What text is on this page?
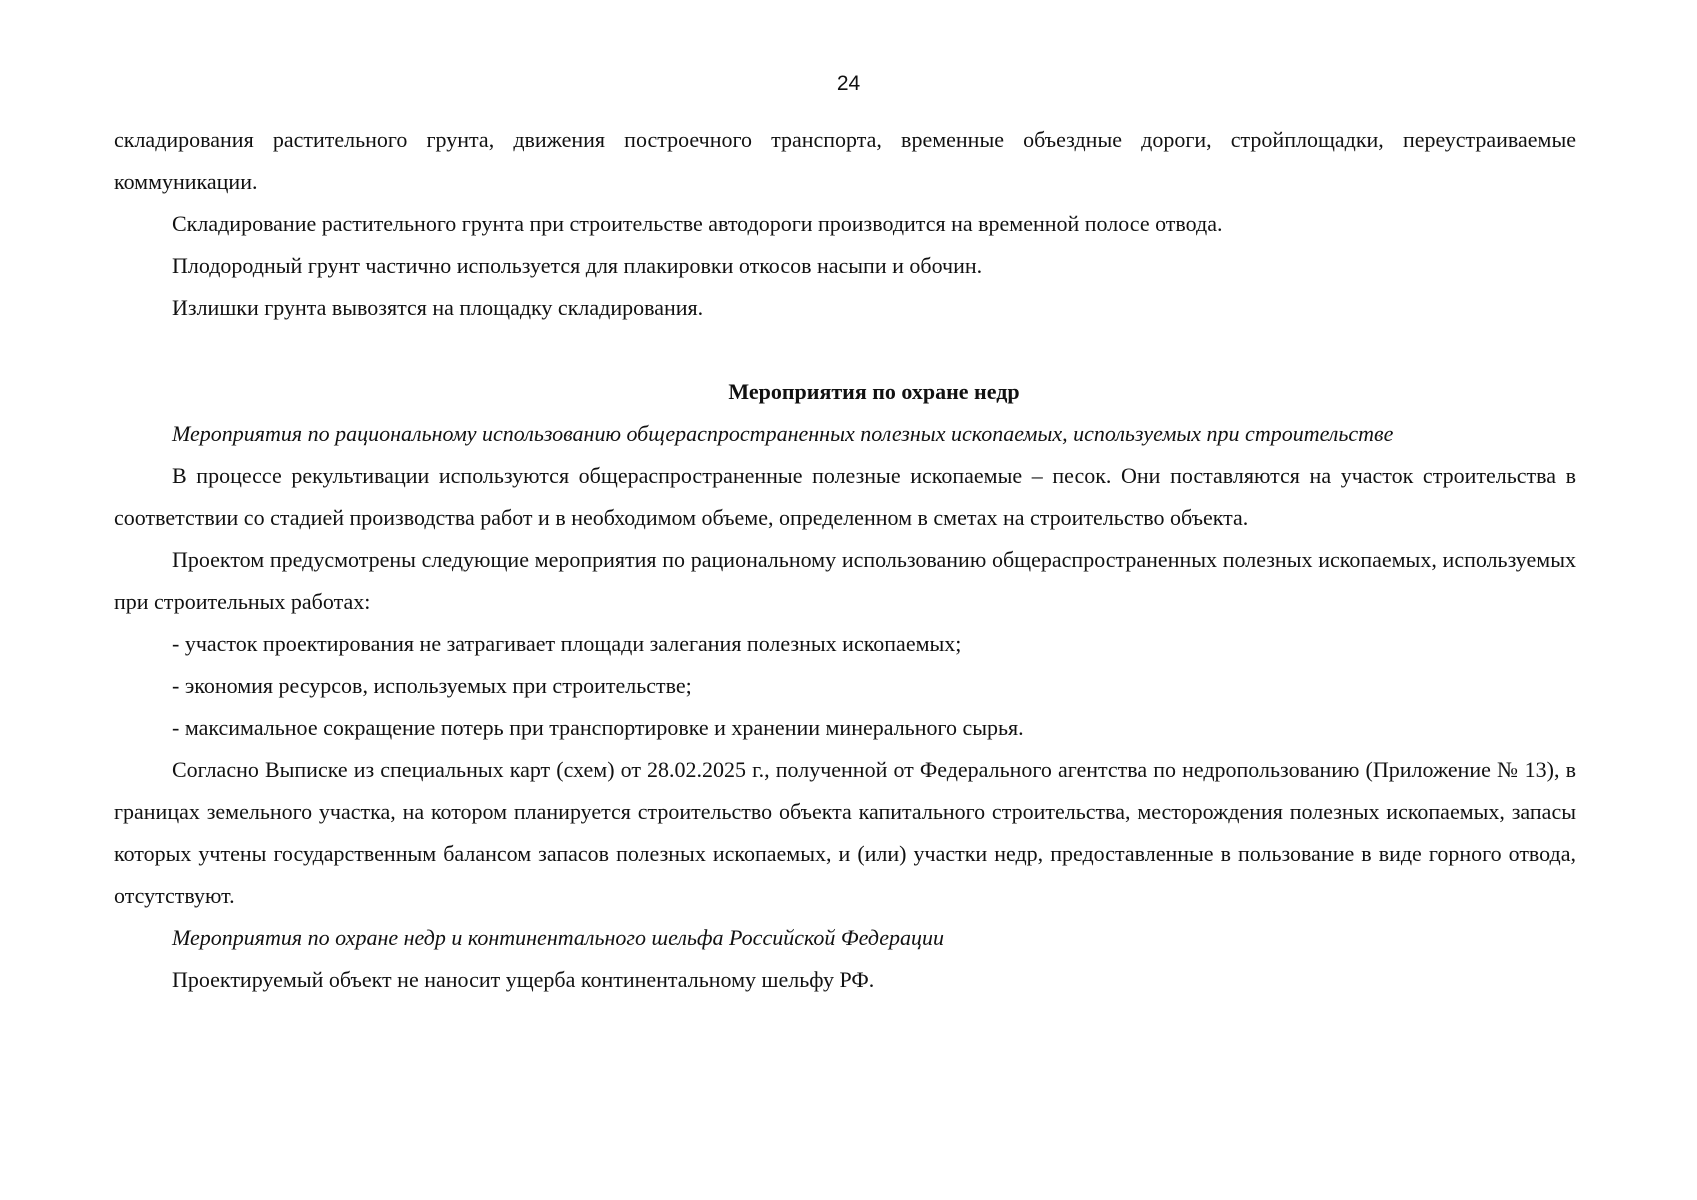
24

складирования растительного грунта, движения построечного транспорта, временные объездные дороги, стройплощадки, переустраиваемые коммуникации.

Складирование растительного грунта при строительстве автодороги производится на временной полосе отвода.

Плодородный грунт частично используется для плакировки откосов насыпи и обочин.

Излишки грунта вывозятся на площадку складирования.

Мероприятия по охране недр

Мероприятия по рациональному использованию общераспространенных полезных ископаемых, используемых при строительстве

В процессе рекультивации используются общераспространенные полезные ископаемые – песок. Они поставляются на участок строительства в соответствии со стадией производства работ и в необходимом объеме, определенном в сметах на строительство объекта.

Проектом предусмотрены следующие мероприятия по рациональному использованию общераспространенных полезных ископаемых, используемых при строительных работах:

- участок проектирования не затрагивает площади залегания полезных ископаемых;

- экономия ресурсов, используемых при строительстве;

- максимальное сокращение потерь при транспортировке и хранении минерального сырья.

Согласно Выписке из специальных карт (схем) от 28.02.2025 г., полученной от Федерального агентства по недропользованию (Приложение № 13), в границах земельного участка, на котором планируется строительство объекта капитального строительства, месторождения полезных ископаемых, запасы которых учтены государственным балансом запасов полезных ископаемых, и (или) участки недр, предоставленные в пользование в виде горного отвода, отсутствуют.

Мероприятия по охране недр и континентального шельфа Российской Федерации

Проектируемый объект не наносит ущерба континентальному шельфу РФ.
